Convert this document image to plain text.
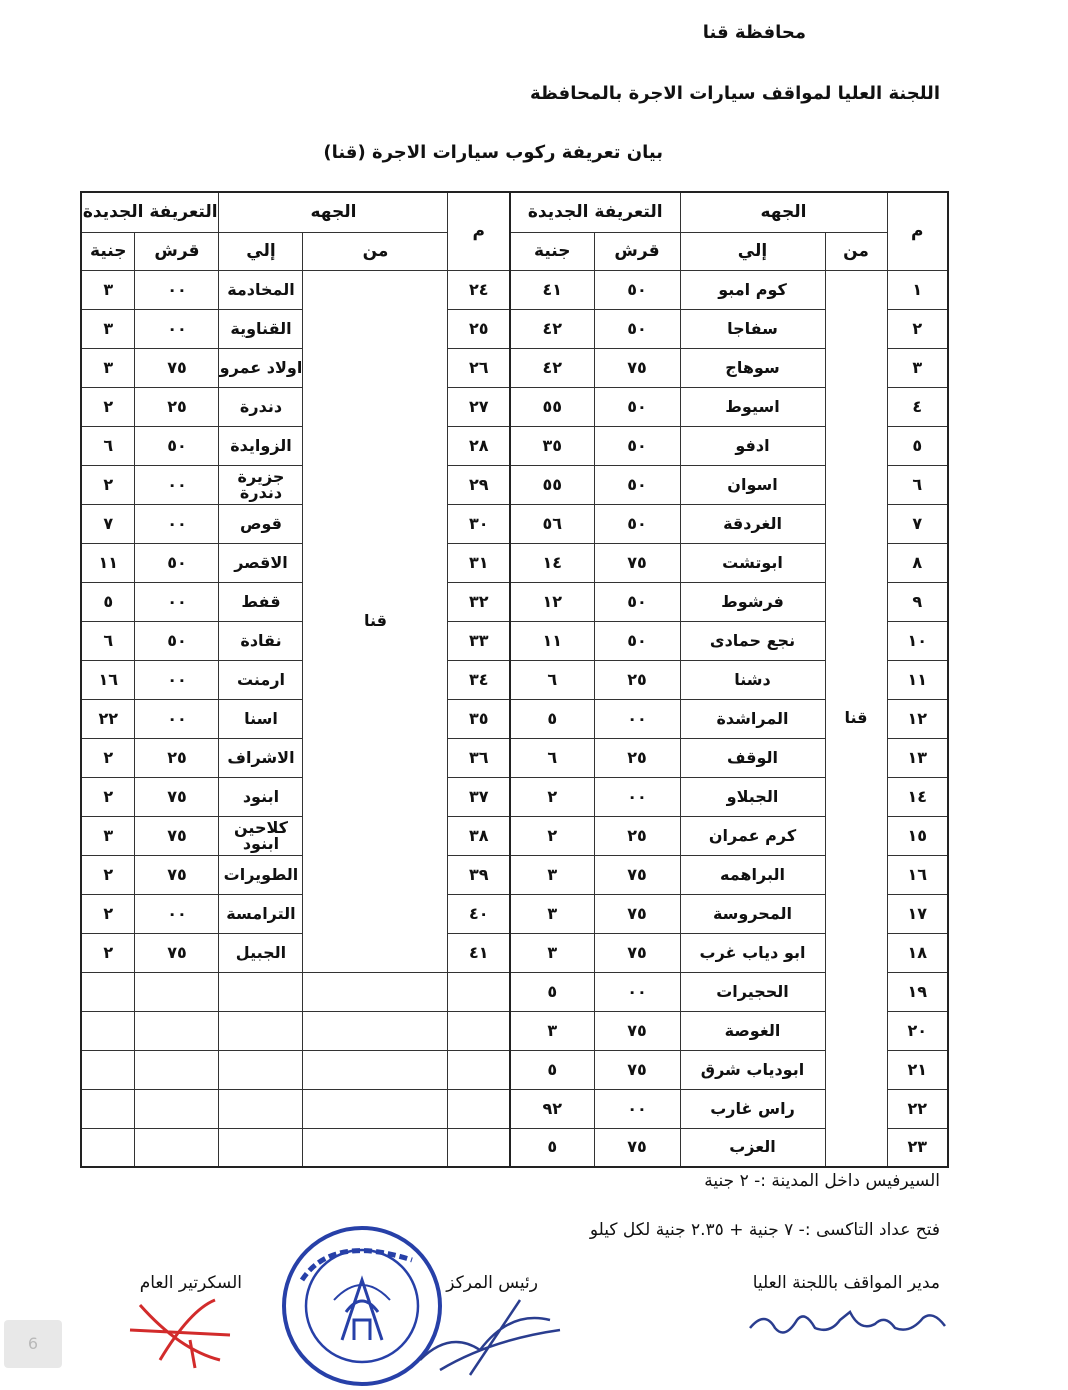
محافظة قنا
اللجنة العليا لمواقف سيارات الاجرة بالمحافظة
بيان تعريفة ركوب سيارات الاجرة (قنا)
م	الجهه		التعريفة الجديدة		م	الجهه		التعريفة الجديدة	
	من	إلي	قرش	جنية		من	إلي	قرش	جنية
١	قنا	كوم امبو	٥٠	٤١	٢٤	قنا	المخادمة	٠٠	٣
٢		سفاجا	٥٠	٤٢	٢٥		القناوية	٠٠	٣
٣		سوهاج	٧٥	٤٢	٢٦		اولاد عمرو	٧٥	٣
٤		اسيوط	٥٠	٥٥	٢٧		دندرة	٢٥	٢
٥		ادفو	٥٠	٣٥	٢٨		الزوايدة	٥٠	٦
٦		اسوان	٥٠	٥٥	٢٩		جزيرة دندرة	٠٠	٢
٧		الغردقة	٥٠	٥٦	٣٠		قوص	٠٠	٧
٨		ابوتشت	٧٥	١٤	٣١		الاقصر	٥٠	١١
٩		فرشوط	٥٠	١٢	٣٢		قفط	٠٠	٥
١٠		نجع حمادى	٥٠	١١	٣٣		نقادة	٥٠	٦
١١		دشنا	٢٥	٦	٣٤		ارمنت	٠٠	١٦
١٢		المراشدة	٠٠	٥	٣٥		اسنا	٠٠	٢٢
١٣		الوقف	٢٥	٦	٣٦		الاشراف	٢٥	٢
١٤		الجبلاو	٠٠	٢	٣٧		ابنود	٧٥	٢
١٥		كرم عمران	٢٥	٢	٣٨		كلاحين ابنود	٧٥	٣
١٦		البراهمه	٧٥	٣	٣٩		الطويرات	٧٥	٢
١٧		المحروسة	٧٥	٣	٤٠		الترامسة	٠٠	٢
١٨		ابو دياب غرب	٧٥	٣	٤١		الجبيل	٧٥	٢
١٩		الحجيرات	٠٠	٥					
٢٠		الغوصة	٧٥	٣					
٢١		ابودياب شرق	٧٥	٥					
٢٢		راس غارب	٠٠	٩٢					
٢٣		العزب	٧٥	٥					
السيرفيس داخل المدينة :- ٢ جنية
فتح عداد التاكسى :- ٧ جنية + ٢.٣٥ جنية لكل كيلو
مدير المواقف باللجنة العليا
رئيس المركز
السكرتير العام
6
